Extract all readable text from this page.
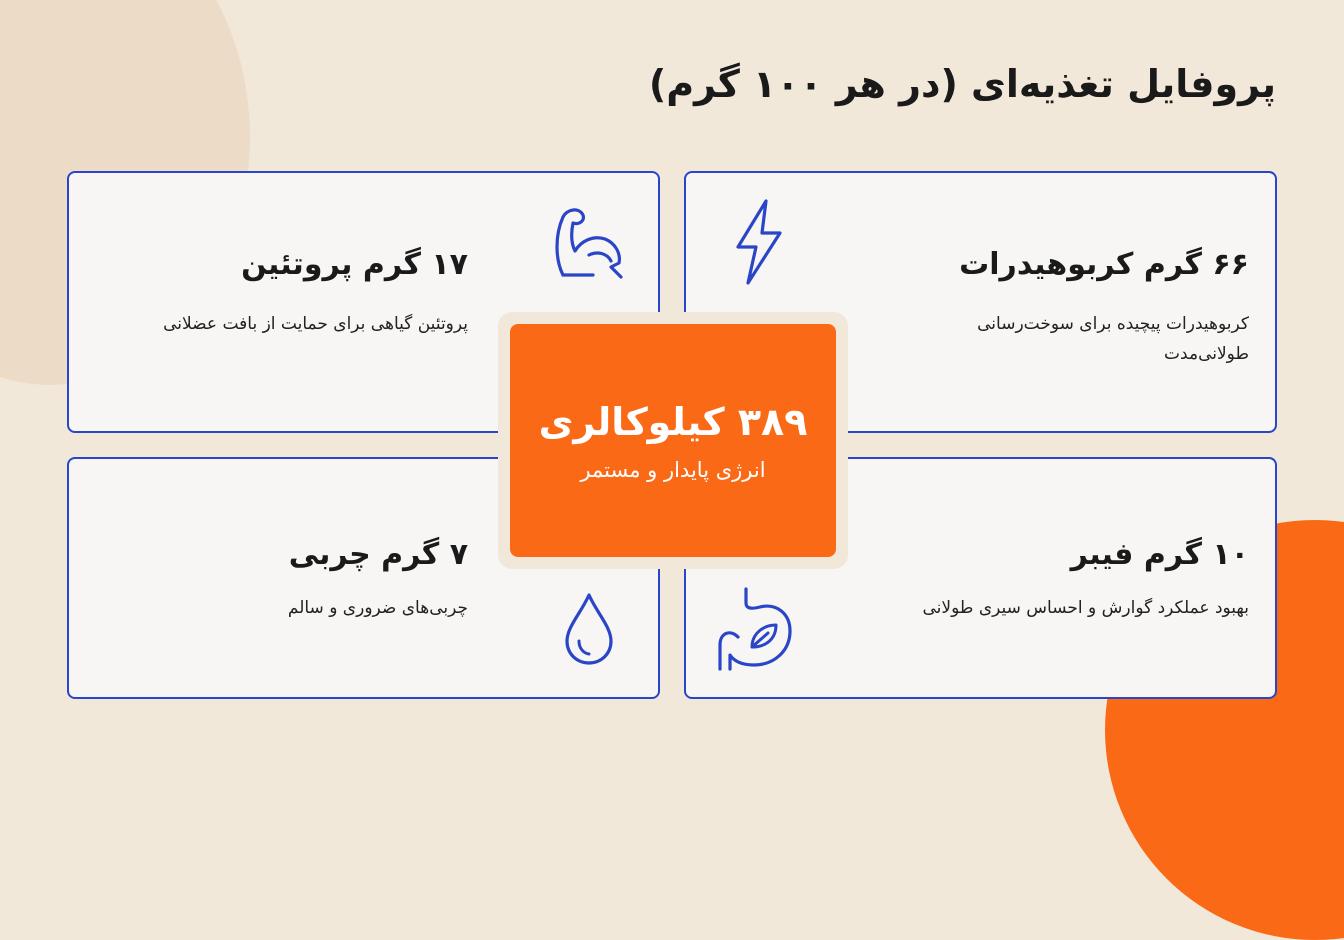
پروفایل تغذیه‌ای (در هر ۱۰۰ گرم)
۶۶ گرم کربوهیدرات

کربوهیدرات پیچیده برای سوخت‌رسانی طولانی‌مدت

۱۷ گرم پروتئین

پروتئین گیاهی برای حمایت از بافت عضلانی

۱۰ گرم فیبر

بهبود عملکرد گوارش و احساس سیری طولانی

۷ گرم چربی

چربی‌های ضروری و سالم

۳۸۹ کیلوکالری

انرژی پایدار و مستمر
